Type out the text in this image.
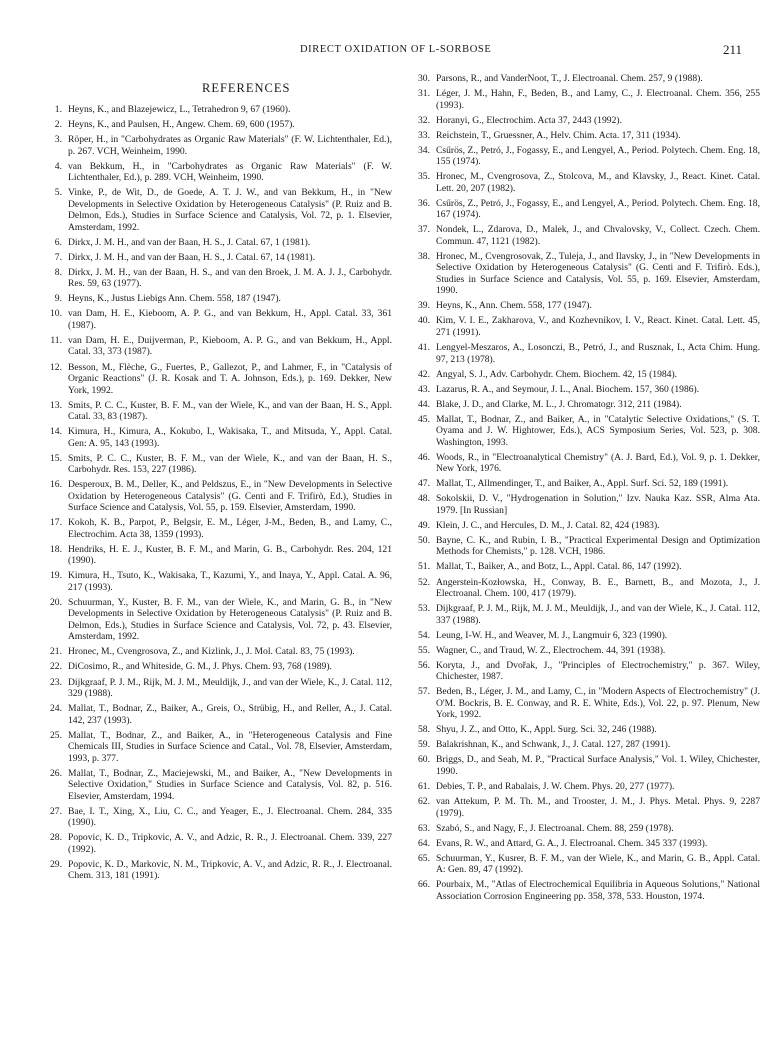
DIRECT OXIDATION OF L-SORBOSE	211
REFERENCES
1. Heyns, K., and Blazejewicz, L., Tetrahedron 9, 67 (1960).
2. Heyns, K., and Paulsen, H., Angew. Chem. 69, 600 (1957).
3. Röper, H., in "Carbohydrates as Organic Raw Materials" (F. W. Lichtenthaler, Ed.), p. 267. VCH, Weinheim, 1990.
4. van Bekkum, H., in "Carbohydrates as Organic Raw Materials" (F. W. Lichtenthaler, Ed.), p. 289. VCH, Weinheim, 1990.
5. Vinke, P., de Wit, D., de Goede, A. T. J. W., and van Bekkum, H., in "New Developments in Selective Oxidation by Heterogeneous Catalysis" (P. Ruiz and B. Delmon, Eds.), Studies in Surface Science and Catalysis, Vol. 72, p. 1. Elsevier, Amsterdam, 1992.
6. Dirkx, J. M. H., and van der Baan, H. S., J. Catal. 67, 1 (1981).
7. Dirkx, J. M. H., and van der Baan, H. S., J. Catal. 67, 14 (1981).
8. Dirkx, J. M. H., van der Baan, H. S., and van den Broek, J. M. A. J. J., Carbohydr. Res. 59, 63 (1977).
9. Heyns, K., Justus Liebigs Ann. Chem. 558, 187 (1947).
10. van Dam, H. E., Kieboom, A. P. G., and van Bekkum, H., Appl. Catal. 33, 361 (1987).
11. van Dam, H. E., Duijverman, P., Kieboom, A. P. G., and van Bekkum, H., Appl. Catal. 33, 373 (1987).
12. Besson, M., Flèche, G., Fuertes, P., Gallezot, P., and Lahmer, F., in "Catalysis of Organic Reactions" (J. R. Kosak and T. A. Johnson, Eds.), p. 169. Dekker, New York, 1992.
13. Smits, P. C. C., Kuster, B. F. M., van der Wiele, K., and van der Baan, H. S., Appl. Catal. 33, 83 (1987).
14. Kimura, H., Kimura, A., Kokubo, I., Wakisaka, T., and Mitsuda, Y., Appl. Catal. Gen: A. 95, 143 (1993).
15. Smits, P. C. C., Kuster, B. F. M., van der Wiele, K., and van der Baan, H. S., Carbohydr. Res. 153, 227 (1986).
16. Desperoux, B. M., Deller, K., and Peldszus, E., in "New Developments in Selective Oxidation by Heterogeneous Catalysis" (G. Centi and F. Trifirò, Ed.), Studies in Surface Science and Catalysis, Vol. 55, p. 159. Elsevier, Amsterdam, 1990.
17. Kokoh, K. B., Parpot, P., Belgsir, E. M., Léger, J-M., Beden, B., and Lamy, C., Electrochim. Acta 38, 1359 (1993).
18. Hendriks, H. E. J., Kuster, B. F. M., and Marin, G. B., Carbohydr. Res. 204, 121 (1990).
19. Kimura, H., Tsuto, K., Wakisaka, T., Kazumi, Y., and Inaya, Y., Appl. Catal. A. 96, 217 (1993).
20. Schuurman, Y., Kuster, B. F. M., van der Wiele, K., and Marin, G. B., in "New Developments in Selective Oxidation by Heterogeneous Catalysis" (P. Ruiz and B. Delmon, Eds.), Studies in Surface Science and Catalysis, Vol. 72, p. 43. Elsevier, Amsterdam, 1992.
21. Hronec, M., Cvengrosova, Z., and Kizlink, J., J. Mol. Catal. 83, 75 (1993).
22. DiCosimo, R., and Whiteside, G. M., J. Phys. Chem. 93, 768 (1989).
23. Dijkgraaf, P. J. M., Rijk, M. J. M., Meuldijk, J., and van der Wiele, K., J. Catal. 112, 329 (1988).
24. Mallat, T., Bodnar, Z., Baiker, A., Greis, O., Strübig, H., and Reller, A., J. Catal. 142, 237 (1993).
25. Mallat, T., Bodnar, Z., and Baiker, A., in "Heterogeneous Catalysis and Fine Chemicals III, Studies in Surface Science and Catal., Vol. 78, Elsevier, Amsterdam, 1993, p. 377.
26. Mallat, T., Bodnar, Z., Maciejewski, M., and Baiker, A., "New Developments in Selective Oxidation," Studies in Surface Science and Catalysis, Vol. 82, p. 516. Elsevier, Amsterdam, 1994.
27. Bae, I. T., Xing, X., Liu, C. C., and Yeager, E., J. Electroanal. Chem. 284, 335 (1990).
28. Popovic, K. D., Tripkovic, A. V., and Adzic, R. R., J. Electroanal. Chem. 339, 227 (1992).
29. Popovic, K. D., Markovic, N. M., Tripkovic, A. V., and Adzic, R. R., J. Electroanal. Chem. 313, 181 (1991).
30. Parsons, R., and VanderNoot, T., J. Electroanal. Chem. 257, 9 (1988).
31. Léger, J. M., Hahn, F., Beden, B., and Lamy, C., J. Electroanal. Chem. 356, 255 (1993).
32. Horanyi, G., Electrochim. Acta 37, 2443 (1992).
33. Reichstein, T., Gruessner, A., Helv. Chim. Acta. 17, 311 (1934).
34. Csűrös, Z., Petró, J., Fogassy, E., and Lengyel, A., Period. Polytech. Chem. Eng. 18, 155 (1974).
35. Hronec, M., Cvengrosova, Z., Stolcova, M., and Klavsky, J., React. Kinet. Catal. Lett. 20, 207 (1982).
36. Csűrös, Z., Petró, J., Fogassy, E., and Lengyel, A., Period. Polytech. Chem. Eng. 18, 167 (1974).
37. Nondek, L., Zdarova, D., Malek, J., and Chvalovsky, V., Collect. Czech. Chem. Commun. 47, 1121 (1982).
38. Hronec, M., Cvengrosovak, Z., Tuleja, J., and Ilavsky, J., in "New Developments in Selective Oxidation by Heterogeneous Catalysis" (G. Centi and F. Trifirò. Eds.), Studies in Surface Science and Catalysis, Vol. 55, p. 169. Elsevier, Amsterdam, 1990.
39. Heyns, K., Ann. Chem. 558, 177 (1947).
40. Kim, V. I. E., Zakharova, V., and Kozhevnikov, I. V., React. Kinet. Catal. Lett. 45, 271 (1991).
41. Lengyel-Meszaros, A., Losonczi, B., Petró, J., and Rusznak, I., Acta Chim. Hung. 97, 213 (1978).
42. Angyal, S. J., Adv. Carbohydr. Chem. Biochem. 42, 15 (1984).
43. Lazarus, R. A., and Seymour, J. L., Anal. Biochem. 157, 360 (1986).
44. Blake, J. D., and Clarke, M. L., J. Chromatogr. 312, 211 (1984).
45. Mallat, T., Bodnar, Z., and Baiker, A., in "Catalytic Selective Oxidations," (S. T. Oyama and J. W. Hightower, Eds.), ACS Symposium Series, Vol. 523, p. 308. Washington, 1993.
46. Woods, R., in "Electroanalytical Chemistry" (A. J. Bard, Ed.), Vol. 9, p. 1. Dekker, New York, 1976.
47. Mallat, T., Allmendinger, T., and Baiker, A., Appl. Surf. Sci. 52, 189 (1991).
48. Sokolskii, D. V., "Hydrogenation in Solution," Izv. Nauka Kaz. SSR, Alma Ata. 1979. [In Russian]
49. Klein, J. C., and Hercules, D. M., J. Catal. 82, 424 (1983).
50. Bayne, C. K., and Rubin, I. B., "Practical Experimental Design and Optimization Methods for Chemists," p. 128. VCH, 1986.
51. Mallat, T., Baiker, A., and Botz, L., Appl. Catal. 86, 147 (1992).
52. Angerstein-Kozłowska, H., Conway, B. E., Barnett, B., and Mozota, J., J. Electroanal. Chem. 100, 417 (1979).
53. Dijkgraaf, P. J. M., Rijk, M. J. M., Meuldijk, J., and van der Wiele, K., J. Catal. 112, 337 (1988).
54. Leung, I-W. H., and Weaver, M. J., Langmuir 6, 323 (1990).
55. Wagner, C., and Traud, W. Z., Electrochem. 44, 391 (1938).
56. Koryta, J., and Dvořak, J., "Principles of Electrochemistry," p. 367. Wiley, Chichester, 1987.
57. Beden, B., Léger, J. M., and Lamy, C., in "Modern Aspects of Electrochemistry" (J. O'M. Bockris, B. E. Conway, and R. E. White, Eds.), Vol. 22, p. 97. Plenum, New York, 1992.
58. Shyu, J. Z., and Otto, K., Appl. Surg. Sci. 32, 246 (1988).
59. Balakrishnan, K., and Schwank, J., J. Catal. 127, 287 (1991).
60. Briggs, D., and Seah, M. P., "Practical Surface Analysis," Vol. 1. Wiley, Chichester, 1990.
61. Debies, T. P., and Rabalais, J. W. Chem. Phys. 20, 277 (1977).
62. van Attekum, P. M. Th. M., and Trooster, J. M., J. Phys. Metal. Phys. 9, 2287 (1979).
63. Szabó, S., and Nagy, F., J. Electroanal. Chem. 88, 259 (1978).
64. Evans, R. W., and Attard, G. A., J. Electroanal. Chem. 345 337 (1993).
65. Schuurman, Y., Kusrer, B. F. M., van der Wiele, K., and Marin, G. B., Appl. Catal. A: Gen. 89, 47 (1992).
66. Pourbaix, M., "Atlas of Electrochemical Equilibria in Aqueous Solutions," National Association Corrosion Engineering pp. 358, 378, 533. Houston, 1974.
